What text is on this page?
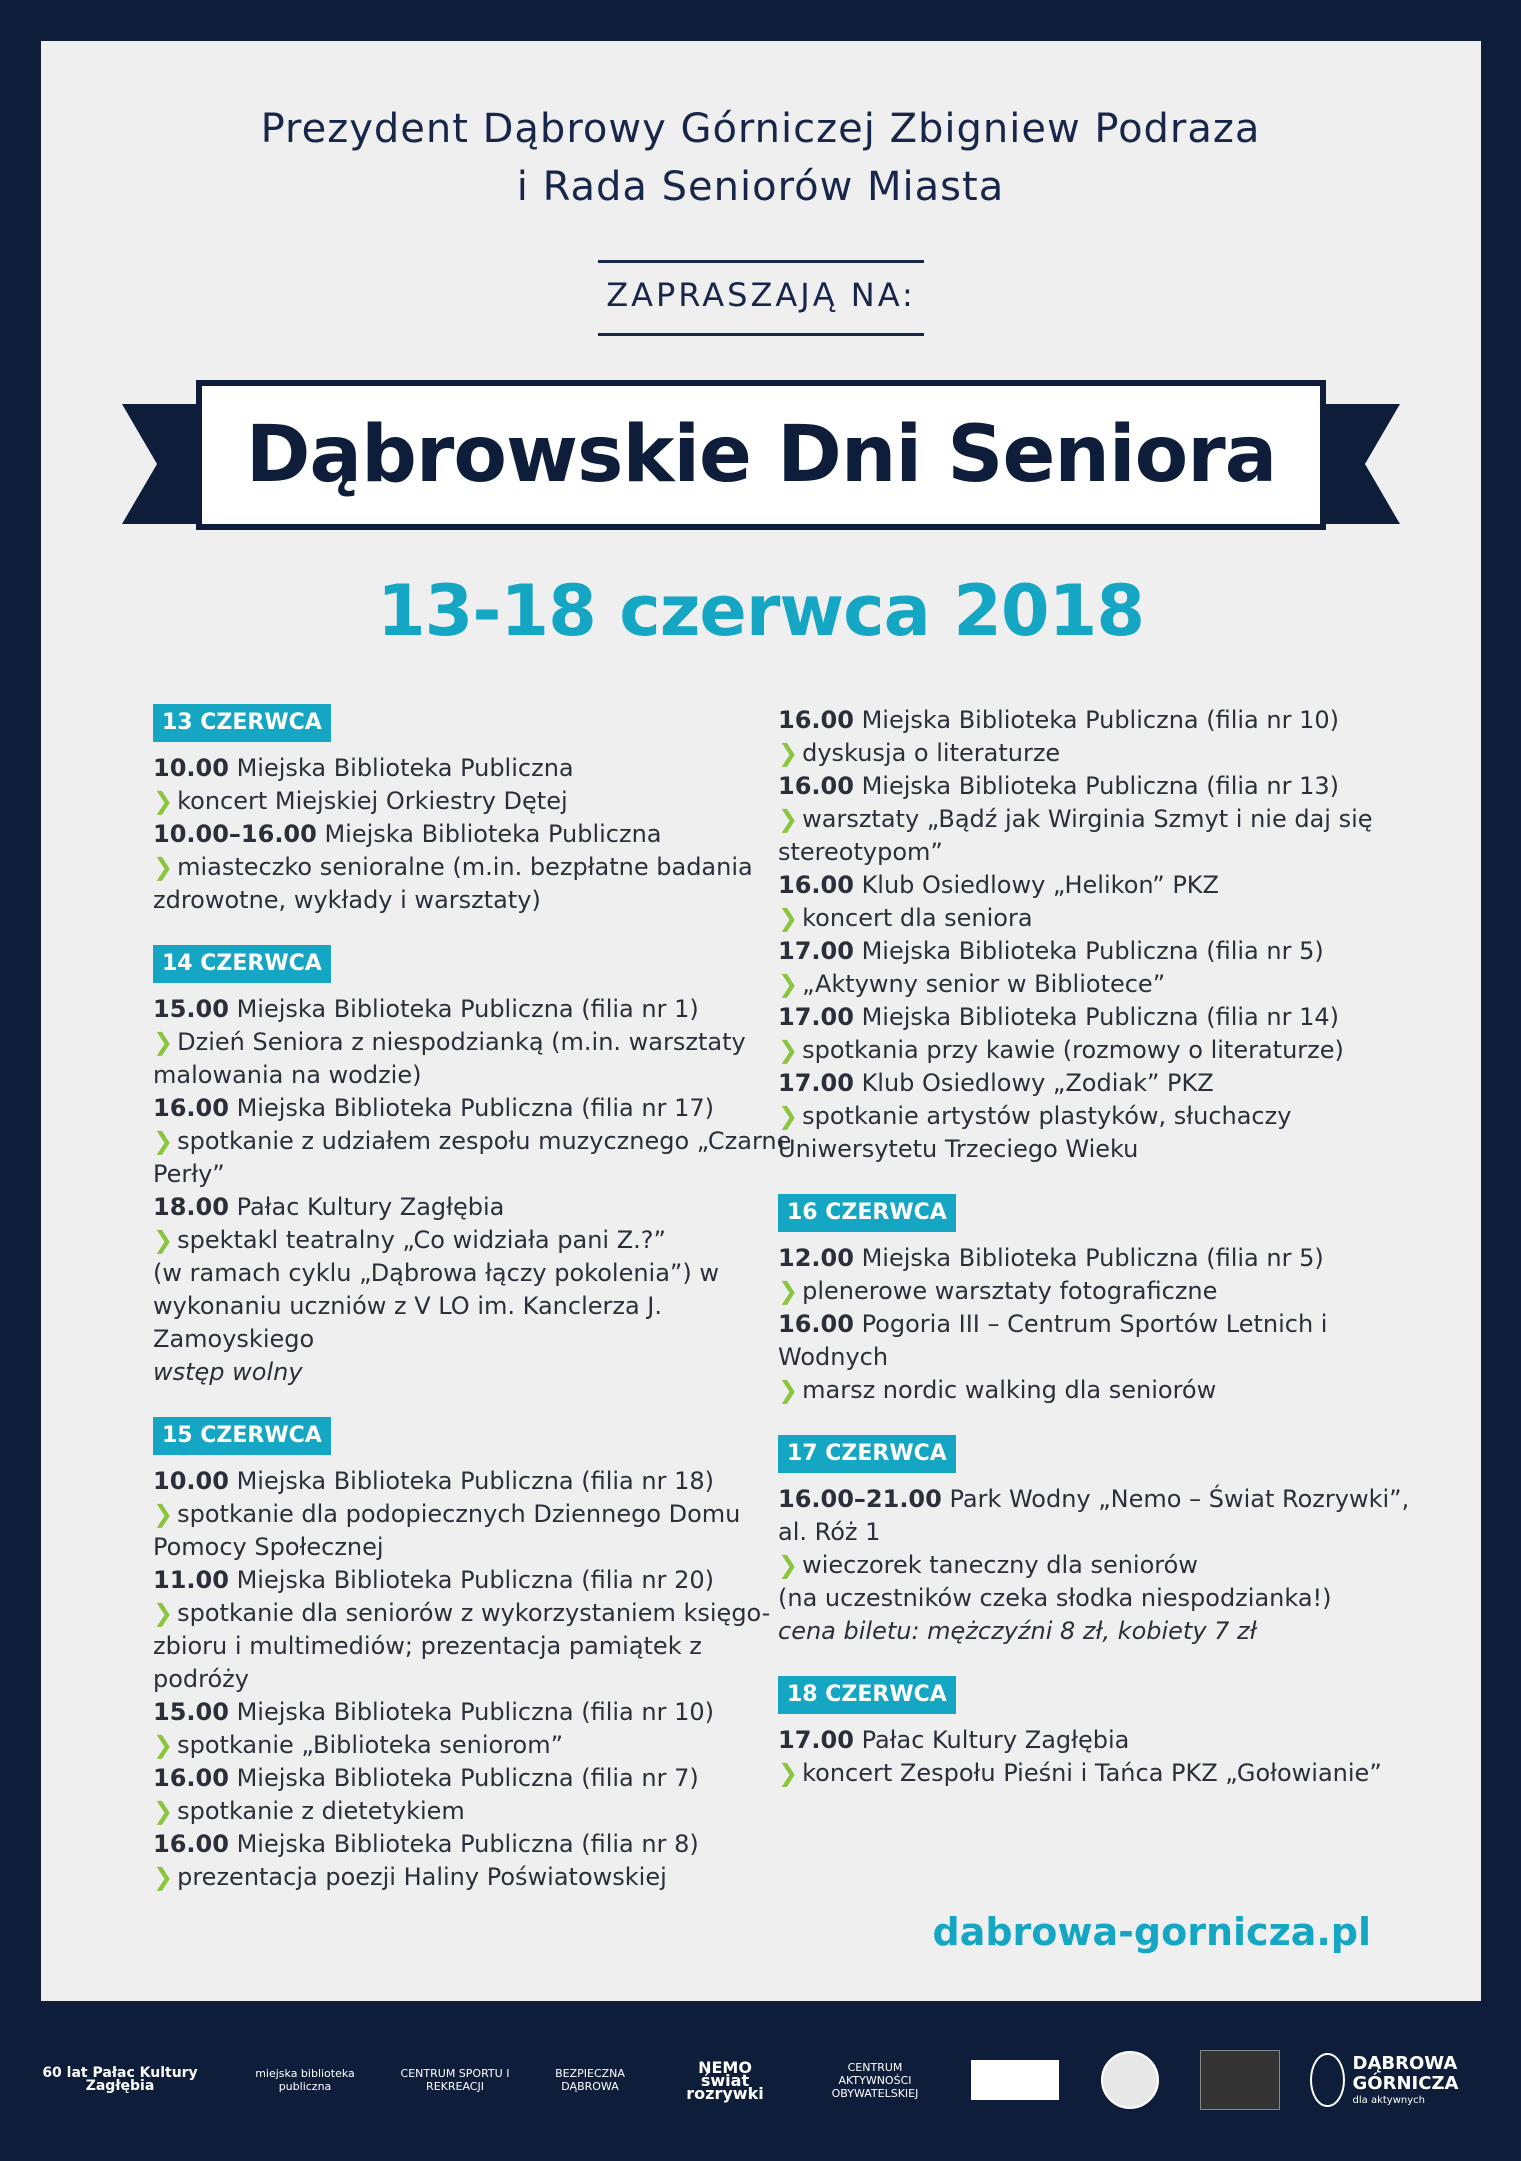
Prezydent Dąbrowy Górniczej Zbigniew Podraza
i Rada Seniorów Miasta
ZAPRASZAJĄ NA:
Dąbrowskie Dni Seniora
13-18 czerwca 2018
13 CZERWCA
10.00 Miejska Biblioteka Publiczna
❯ koncert Miejskiej Orkiestry Dętej
10.00–16.00 Miejska Biblioteka Publiczna
❯ miasteczko senioralne (m.in. bezpłatne badania zdrowotne, wykłady i warsztaty)
14 CZERWCA
15.00 Miejska Biblioteka Publiczna (filia nr 1)
❯ Dzień Seniora z niespodzianką (m.in. warsztaty malowania na wodzie)
16.00 Miejska Biblioteka Publiczna (filia nr 17)
❯ spotkanie z udziałem zespołu muzycznego „Czarne Perły”
18.00 Pałac Kultury Zagłębia
❯ spektakl teatralny „Co widziała pani Z.?”
(w ramach cyklu „Dąbrowa łączy pokolenia”) w wykonaniu uczniów z V LO im. Kanclerza J. Zamoyskiego
wstęp wolny
15 CZERWCA
10.00 Miejska Biblioteka Publiczna (filia nr 18)
❯ spotkanie dla podopiecznych Dziennego Domu Pomocy Społecznej
11.00 Miejska Biblioteka Publiczna (filia nr 20)
❯ spotkanie dla seniorów z wykorzystaniem księgo-zbioru i multimediów; prezentacja pamiątek z podróży
15.00 Miejska Biblioteka Publiczna (filia nr 10)
❯ spotkanie „Biblioteka seniorom”
16.00 Miejska Biblioteka Publiczna (filia nr 7)
❯ spotkanie z dietetykiem
16.00 Miejska Biblioteka Publiczna (filia nr 8)
❯ prezentacja poezji Haliny Poświatowskiej
16.00 Miejska Biblioteka Publiczna (filia nr 10)
❯ dyskusja o literaturze
16.00 Miejska Biblioteka Publiczna (filia nr 13)
❯ warsztaty „Bądź jak Wirginia Szmyt i nie daj się stereotypom”
16.00 Klub Osiedlowy „Helikon” PKZ
❯ koncert dla seniora
17.00 Miejska Biblioteka Publiczna (filia nr 5)
❯ „Aktywny senior w Bibliotece”
17.00 Miejska Biblioteka Publiczna (filia nr 14)
❯ spotkania przy kawie (rozmowy o literaturze)
17.00 Klub Osiedlowy „Zodiak” PKZ
❯ spotkanie artystów plastyków, słuchaczy Uniwersytetu Trzeciego Wieku
16 CZERWCA
12.00 Miejska Biblioteka Publiczna (filia nr 5)
❯ plenerowe warsztaty fotograficzne
16.00 Pogoria III – Centrum Sportów Letnich i Wodnych
❯ marsz nordic walking dla seniorów
17 CZERWCA
16.00–21.00 Park Wodny „Nemo – Świat Rozrywki”, al. Róż 1
❯ wieczorek taneczny dla seniorów
(na uczestników czeka słodka niespodzianka!)
cena biletu: mężczyźni 8 zł, kobiety 7 zł
18 CZERWCA
17.00 Pałac Kultury Zagłębia
❯ koncert Zespołu Pieśni i Tańca PKZ „Gołowianie”
dabrowa-gornicza.pl
60 lat Pałac Kultury Zagłębia
miejska biblioteka publiczna
CENTRUM SPORTU I REKREACJI
BEZPIECZNA DĄBROWA
NEMO świat rozrywki
CENTRUM AKTYWNOŚCI OBYWATELSKIEJ
DĄBROWA GÓRNICZA
dla aktywnych
